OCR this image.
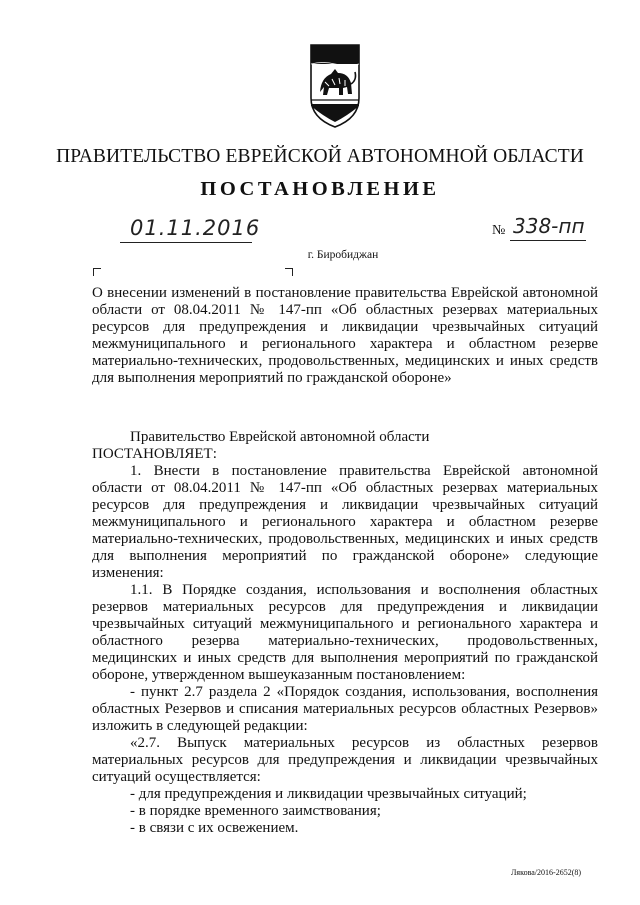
ПРАВИТЕЛЬСТВО ЕВРЕЙСКОЙ АВТОНОМНОЙ ОБЛАСТИ
ПОСТАНОВЛЕНИЕ
01.11.2016	№ 338-пп
г. Биробиджан

О внесении изменений в постановление правительства Еврейской автономной области от 08.04.2011 № 147-пп «Об областных резервах материальных ресурсов для предупреждения и ликвидации чрезвычайных ситуаций межмуниципального и регионального характера и областном резерве материально-технических, продовольственных, медицинских и иных средств для выполнения мероприятий по гражданской обороне»

Правительство Еврейской автономной области
ПОСТАНОВЛЯЕТ:

1. Внести в постановление правительства Еврейской автономной области от 08.04.2011 № 147-пп «Об областных резервах материальных ресурсов для предупреждения и ликвидации чрезвычайных ситуаций межмуниципального и регионального характера и областном резерве материально-технических, продовольственных, медицинских и иных средств для выполнения мероприятий по гражданской обороне» следующие изменения:

1.1. В Порядке создания, использования и восполнения областных резервов материальных ресурсов для предупреждения и ликвидации чрезвычайных ситуаций межмуниципального и регионального характера и областного резерва материально-технических, продовольственных, медицинских и иных средств для выполнения мероприятий по гражданской обороне, утвержденном вышеуказанным постановлением:

- пункт 2.7 раздела 2 «Порядок создания, использования, восполнения областных Резервов и списания материальных ресурсов областных Резервов» изложить в следующей редакции:

«2.7. Выпуск материальных ресурсов из областных резервов материальных ресурсов для предупреждения и ликвидации чрезвычайных ситуаций осуществляется:

- для предупреждения и ликвидации чрезвычайных ситуаций;
- в порядке временного заимствования;
- в связи с их освежением.
Лякова/2016-2652(8)
